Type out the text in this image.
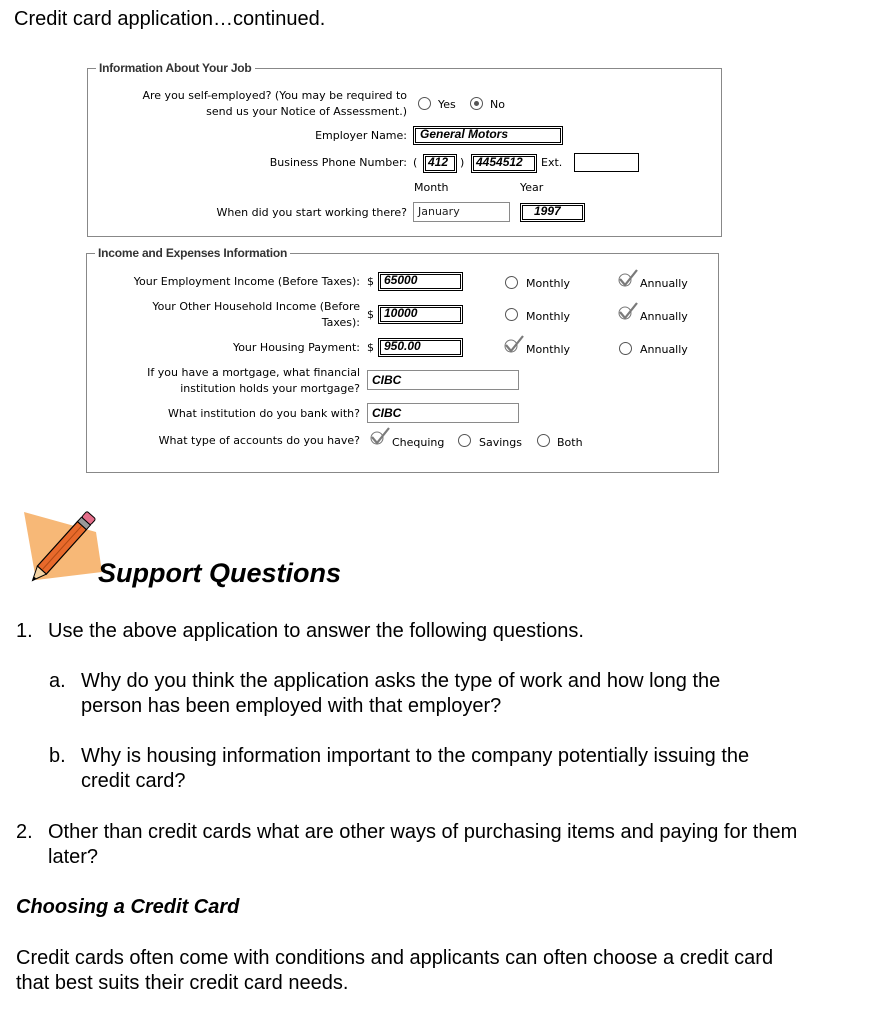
Credit card application…continued.
Information About Your Job
Are you self-employed? (You may be required to
send us your Notice of Assessment.)
Yes	No
Employer Name:	General Motors
Business Phone Number: ( 412	) 4454512	Ext.
Month	Year
When did you start working there?	January	1997
Income and Expenses Information
Your Employment Income (Before Taxes): $ 65000	Monthly	Annually
Your Other Household Income (Before
Taxes):
$ 10000	Monthly	Annually
Your Housing Payment: $ 950.00	Monthly	Annually
If you have a mortgage, what financial
institution holds your mortgage?
CIBC
What institution do you bank with?	CIBC
What type of accounts do you have?	Chequing	Savings	Both
Support Questions
1. Use the above application to answer the following questions.
a. Why do you think the application asks the type of work and how long the
person has been employed with that employer?
b. Why is housing information important to the company potentially issuing the
credit card?
2. Other than credit cards what are other ways of purchasing items and paying for them
later?
Choosing a Credit Card
Credit cards often come with conditions and applicants can often choose a credit card
that best suits their credit card needs.
